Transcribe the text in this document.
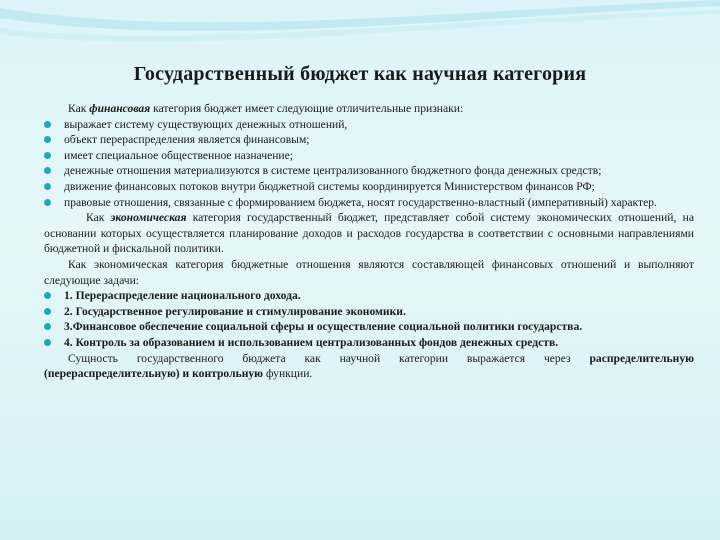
Государственный бюджет как научная категория

Как финансовая категория бюджет имеет следующие отличительные признаки:

выражает систему существующих денежных отношений,
объект перераспределения является финансовым;
имеет специальное общественное назначение;
денежные отношения материализуются в системе централизованного бюджетного фонда денежных средств;
движение финансовых потоков внутри бюджетной системы координируется Министерством финансов РФ;
правовые отношения, связанные с формированием бюджета, носят государственно-властный (императивный) характер.

Как экономическая категория государственный бюджет, представляет собой систему экономических отношений, на основании которых осуществляется планирование доходов и расходов государства в соответствии с основными направлениями бюджетной и фискальной политики.

Как экономическая категория бюджетные отношения являются составляющей финансовых отношений и выполняют следующие задачи:

1. Перераспределение национального дохода.
2. Государственное регулирование и стимулирование экономики.
3.Финансовое обеспечение социальной сферы и осуществление социальной политики государства.
4. Контроль за образованием и использованием централизованных фондов денежных средств.

Сущность государственного бюджета как научной категории выражается через распределительную (перераспределительную) и контрольную функции.
